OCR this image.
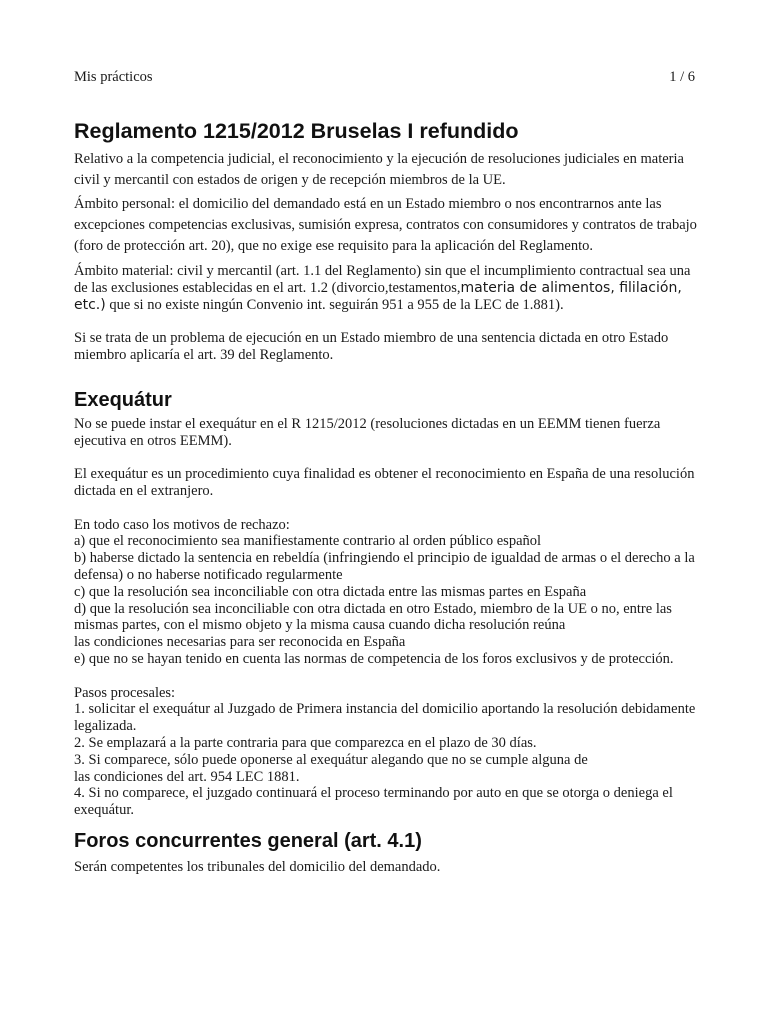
Mis prácticos	1 / 6
Reglamento 1215/2012 Bruselas I refundido

Relativo a la competencia judicial, el reconocimiento y la ejecución de resoluciones judiciales en materia civil y mercantil con estados de origen y de recepción miembros de la UE.

Ámbito personal: el domicilio del demandado está en un Estado miembro o nos encontrarnos ante las excepciones competencias exclusivas, sumisión expresa, contratos con consumidores y contratos de trabajo (foro de protección art. 20), que no exige ese requisito para la aplicación del Reglamento.

Ámbito material: civil y mercantil (art. 1.1 del Reglamento) sin que el incumplimiento contractual sea una de las exclusiones establecidas en el art. 1.2 (divorcio,testamentos,materia de alimentos, fililación, etc.) que si no existe ningún Convenio int. seguirán 951 a 955 de la LEC de 1.881).

Si se trata de un problema de ejecución en un Estado miembro de una sentencia dictada en otro Estado miembro aplicaría el art. 39 del Reglamento.

Exequátur

No se puede instar el exequátur en el R 1215/2012 (resoluciones dictadas en un EEMM tienen fuerza ejecutiva en otros EEMM).

El exequátur es un procedimiento cuya finalidad es obtener el reconocimiento en España de una resolución dictada en el extranjero.

En todo caso los motivos de rechazo:
a) que el reconocimiento sea manifiestamente contrario al orden público español
b) haberse dictado la sentencia en rebeldía (infringiendo el principio de igualdad de armas o el derecho a la defensa) o no haberse notificado regularmente
c) que la resolución sea inconciliable con otra dictada entre las mismas partes en España
d) que la resolución sea inconciliable con otra dictada en otro Estado, miembro de la UE o no, entre las mismas partes, con el mismo objeto y la misma causa cuando dicha resolución reúna
las condiciones necesarias para ser reconocida en España
e) que no se hayan tenido en cuenta las normas de competencia de los foros exclusivos y de protección.
Pasos procesales:
1. solicitar el exequátur al Juzgado de Primera instancia del domicilio aportando la resolución debidamente legalizada.
2. Se emplazará a la parte contraria para que comparezca en el plazo de 30 días.
3. Si comparece, sólo puede oponerse al exequátur alegando que no se cumple alguna de
las condiciones del art. 954 LEC 1881.
4. Si no comparece, el juzgado continuará el proceso terminando por auto en que se otorga o deniega el exequátur.
Foros concurrentes general (art. 4.1)

Serán competentes los tribunales del domicilio del demandado.
